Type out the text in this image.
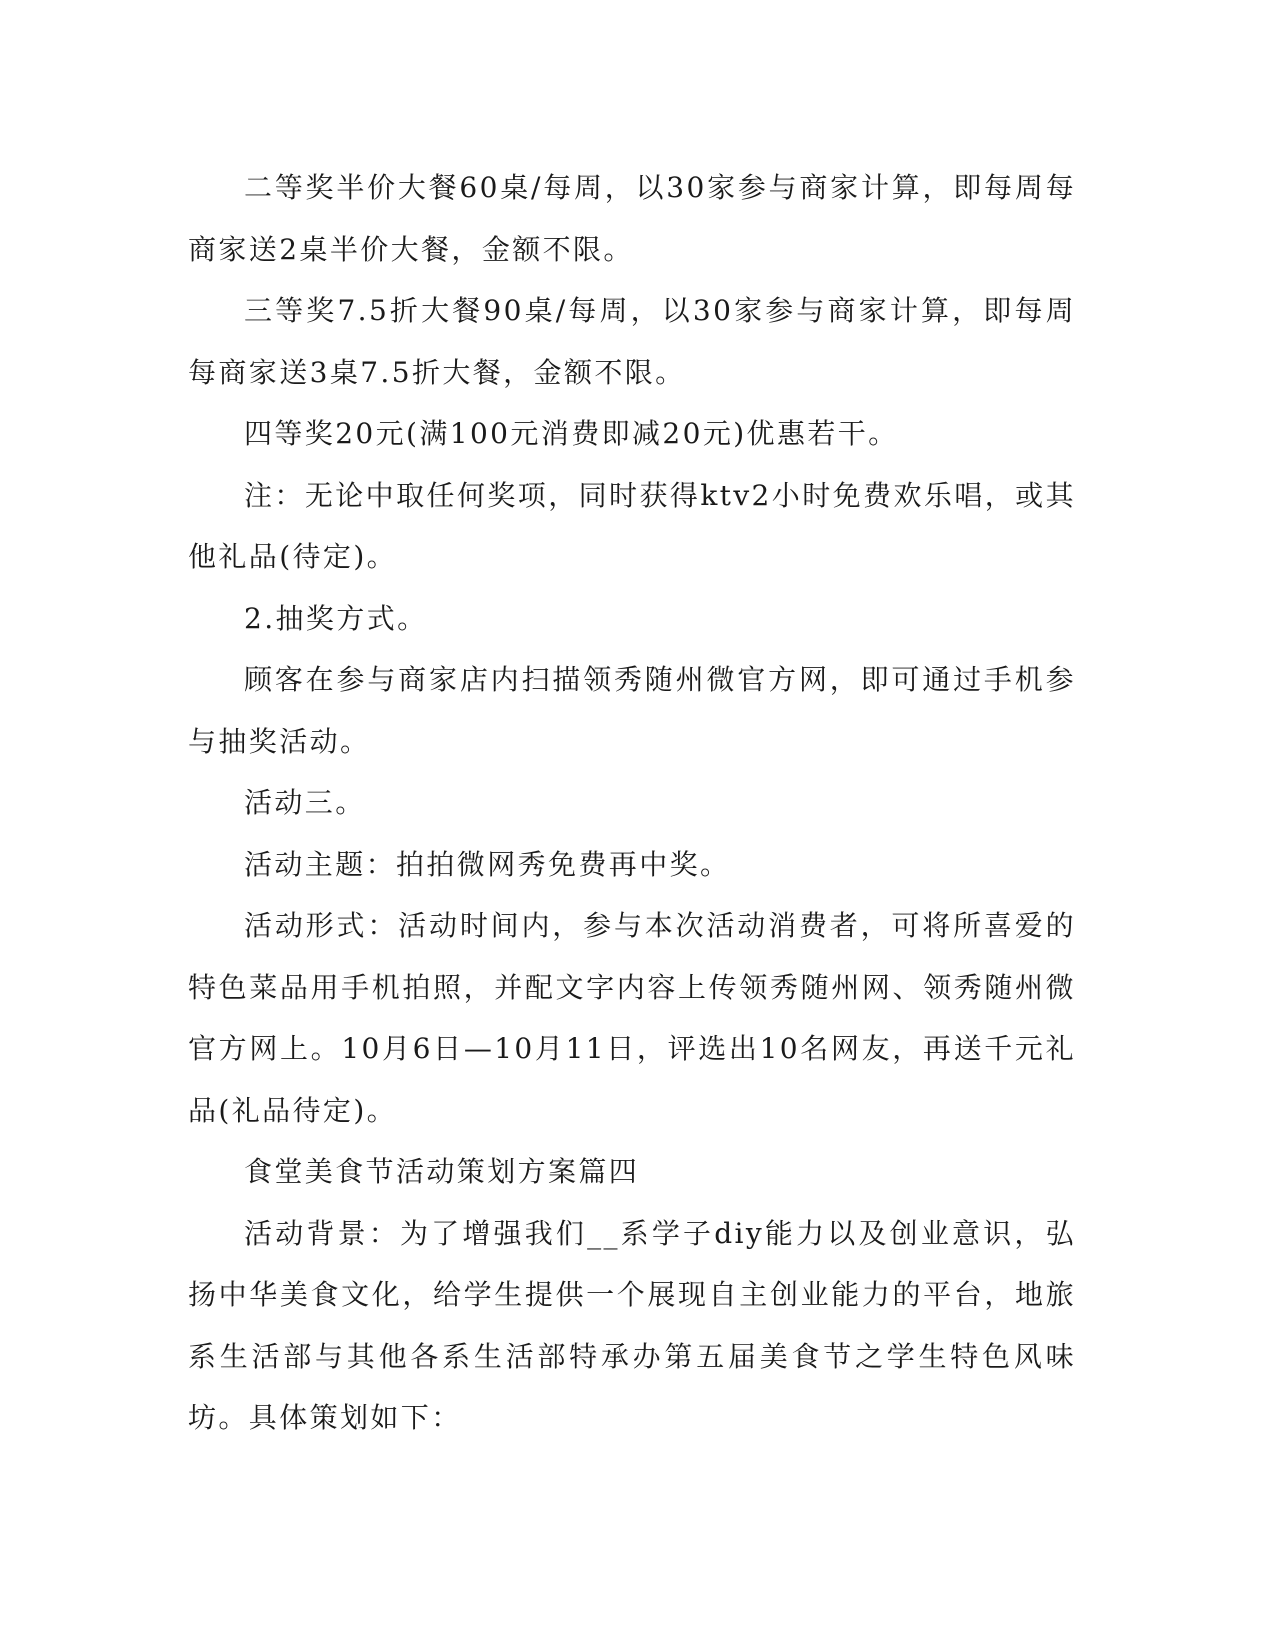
二等奖半价大餐60桌/每周，以30家参与商家计算，即每周每商家送2桌半价大餐，金额不限。

三等奖7.5折大餐90桌/每周，以30家参与商家计算，即每周每商家送3桌7.5折大餐，金额不限。

四等奖20元(满100元消费即减20元)优惠若干。

注：无论中取任何奖项，同时获得ktv2小时免费欢乐唱，或其他礼品(待定)。

2.抽奖方式。

顾客在参与商家店内扫描领秀随州微官方网，即可通过手机参与抽奖活动。

活动三。

活动主题：拍拍微网秀免费再中奖。

活动形式：活动时间内，参与本次活动消费者，可将所喜爱的特色菜品用手机拍照，并配文字内容上传领秀随州网、领秀随州微官方网上。10月6日—10月11日，评选出10名网友，再送千元礼品(礼品待定)。

食堂美食节活动策划方案篇四

活动背景：为了增强我们__系学子diy能力以及创业意识，弘扬中华美食文化，给学生提供一个展现自主创业能力的平台，地旅系生活部与其他各系生活部特承办第五届美食节之学生特色风味坊。具体策划如下：
